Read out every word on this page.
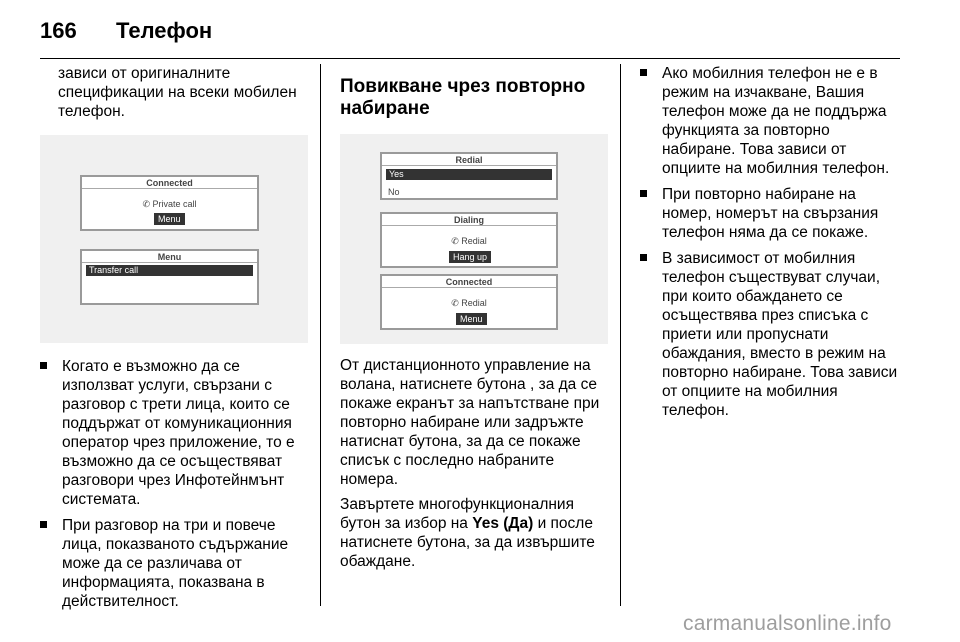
166 Телефон

зависи от оригиналните спецификации на всеки мобилен телефон.

Connected
✆ Private call
Menu
Menu
Transfer call

Когато е възможно да се използват услуги, свързани с разговор с трети лица, които се поддържат от комуникационния оператор чрез приложение, то е възможно да се осъществяват разговори чрез Инфотейнмънт системата.

При разговор на три и повече лица, показваното съдържание може да се различава от информацията, показвана в действителност.

Повикване чрез повторно набиране
Redial
Yes
No
Dialing
✆ Redial
Hang up
Connected
✆ Redial
Menu

От дистанционното управление на волана, натиснете бутона , за да се покаже екранът за напътстване при повторно набиране или задръжте натиснат бутона, за да се покаже списък с последно набраните номера.

Завъртете многофункционалния бутон за избор на Yes (Да) и после натиснете бутона, за да извършите обаждане.

Ако мобилния телефон не е в режим на изчакване, Вашия телефон може да не поддържа функцията за повторно набиране. Това зависи от опциите на мобилния телефон.

При повторно набиране на номер, номерът на свързания телефон няма да се покаже.

В зависимост от мобилния телефон съществуват случаи, при които обаждането се осъществява през списъка с приети или пропуснати обаждания, вместо в режим на повторно набиране. Това зависи от опциите на мобилния телефон.

carmanualsonline.info
